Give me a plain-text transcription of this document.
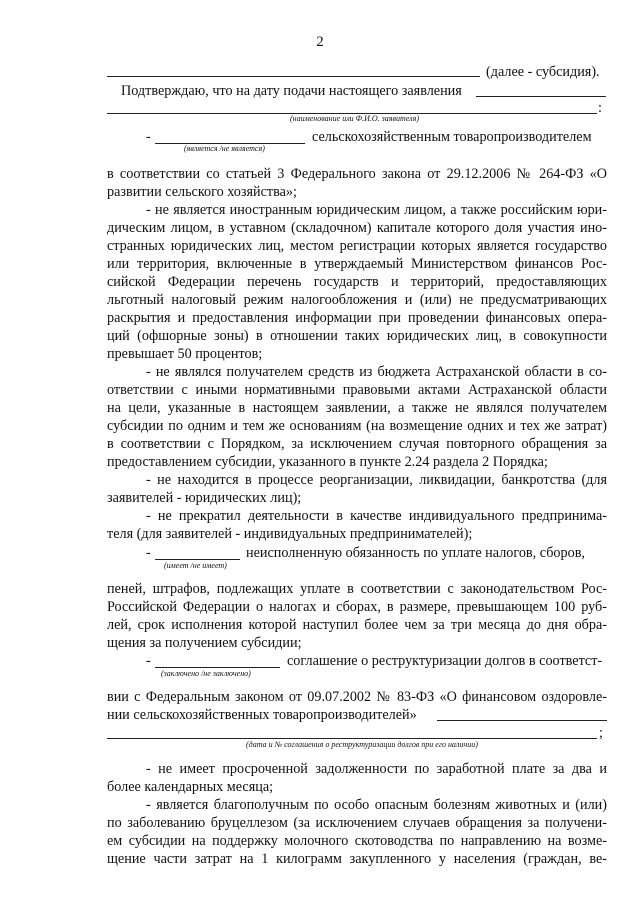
2
(далее - субсидия).
Подтверждаю, что на дату подачи настоящего заявления
:
(наименование или Ф.И.О. заявителя)
-	сельскохозяйственным товаропроизводителем
(является /не является)
в соответствии со статьей 3 Федерального закона от 29.12.2006 № 264-ФЗ «О
развитии сельского хозяйства»;
- не является иностранным юридическим лицом, а также российским юри-
дическим лицом, в уставном (складочном) капитале которого доля участия ино-
странных юридических лиц, местом регистрации которых является государство
или территория, включенные в утверждаемый Министерством финансов Рос-
сийской Федерации перечень государств и территорий, предоставляющих
льготный налоговый режим налогообложения и (или) не предусматривающих
раскрытия и предоставления информации при проведении финансовых опера-
ций (офшорные зоны) в отношении таких юридических лиц, в совокупности
превышает 50 процентов;
- не являлся получателем средств из бюджета Астраханской области в со-
ответствии с иными нормативными правовыми актами Астраханской области
на цели, указанные в настоящем заявлении, а также не являлся получателем
субсидии по одним и тем же основаниям (на возмещение одних и тех же затрат)
в соответствии с Порядком, за исключением случая повторного обращения за
предоставлением субсидии, указанного в пункте 2.24 раздела 2 Порядка;
- не находится в процессе реорганизации, ликвидации, банкротства (для
заявителей - юридических лиц);
- не прекратил деятельности в качестве индивидуального предпринима-
теля (для заявителей - индивидуальных предпринимателей);
-	неисполненную обязанность по уплате налогов, сборов,
(имеет /не имеет)
пеней, штрафов, подлежащих уплате в соответствии с законодательством Рос-
Российской Федерации о налогах и сборах, в размере, превышающем 100 руб-
лей, срок исполнения которой наступил более чем за три месяца до дня обра-
щения за получением субсидии;
-	соглашение о реструктуризации долгов в соответст-
(заключено /не заключено)
вии с Федеральным законом от 09.07.2002 № 83-ФЗ «О финансовом оздоровле-
нии сельскохозяйственных товаропроизводителей»
;
(дата и № соглашения о реструктуризации долгов при его наличии)
- не имеет просроченной задолженности по заработной плате за два и
более календарных месяца;
- является благополучным по особо опасным болезням животных и (или)
по заболеванию бруцеллезом (за исключением случаев обращения за получени-
ем субсидии на поддержку молочного скотоводства по направлению на возме-
щение части затрат на 1 килограмм закупленного у населения (граждан, ве-
